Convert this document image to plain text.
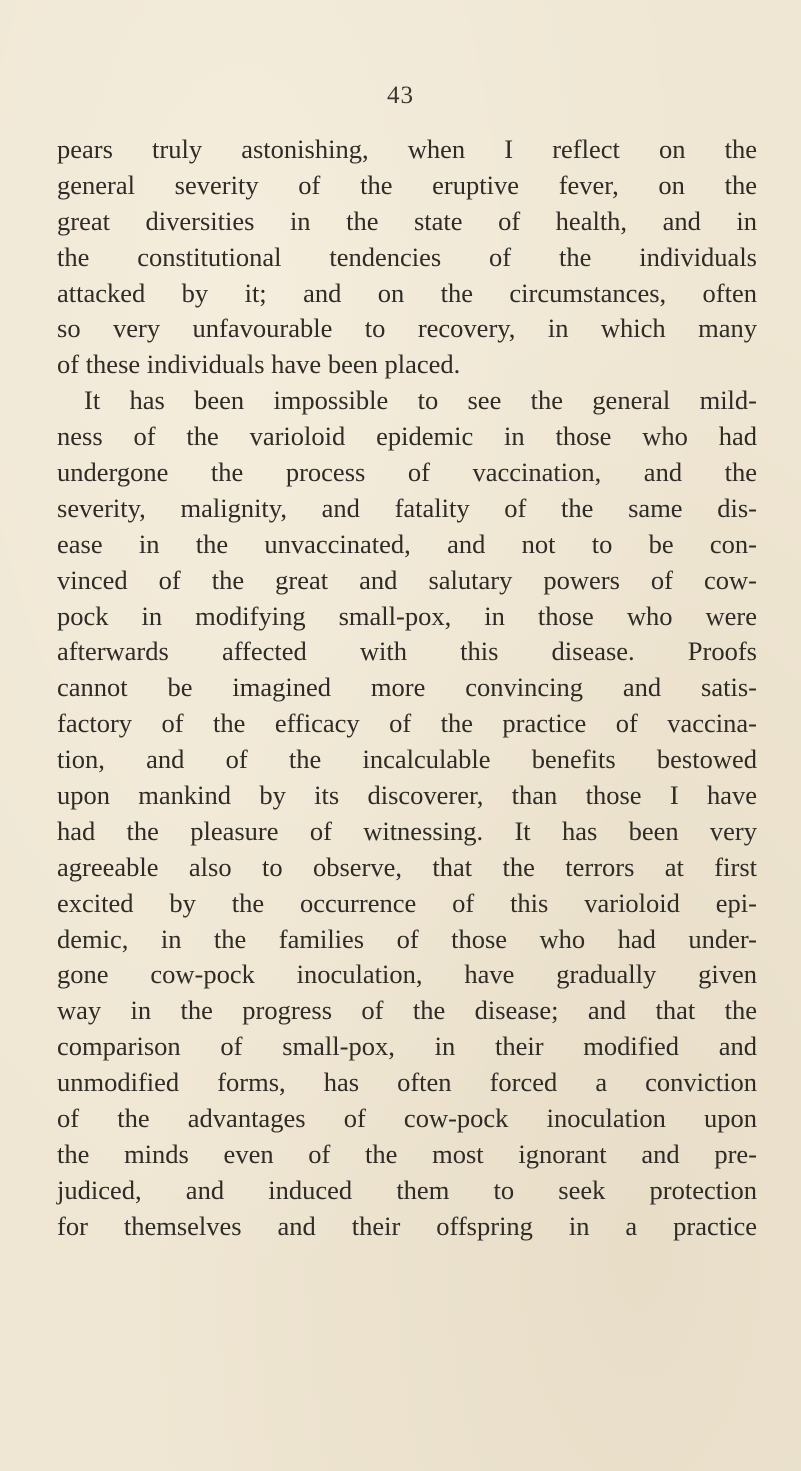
43
pears truly astonishing, when I reflect on the
general severity of the eruptive fever, on the
great diversities in the state of health, and in
the constitutional tendencies of the individuals
attacked by it; and on the circumstances, often
so very unfavourable to recovery, in which many
of these individuals have been placed.
It has been impossible to see the general mild-
ness of the varioloid epidemic in those who had
undergone the process of vaccination, and the
severity, malignity, and fatality of the same dis-
ease in the unvaccinated, and not to be con-
vinced of the great and salutary powers of cow-
pock in modifying small-pox, in those who were
afterwards affected with this disease. Proofs
cannot be imagined more convincing and satis-
factory of the efficacy of the practice of vaccina-
tion, and of the incalculable benefits bestowed
upon mankind by its discoverer, than those I have
had the pleasure of witnessing. It has been very
agreeable also to observe, that the terrors at first
excited by the occurrence of this varioloid epi-
demic, in the families of those who had under-
gone cow-pock inoculation, have gradually given
way in the progress of the disease; and that the
comparison of small-pox, in their modified and
unmodified forms, has often forced a conviction
of the advantages of cow-pock inoculation upon
the minds even of the most ignorant and pre-
judiced, and induced them to seek protection
for themselves and their offspring in a practice
